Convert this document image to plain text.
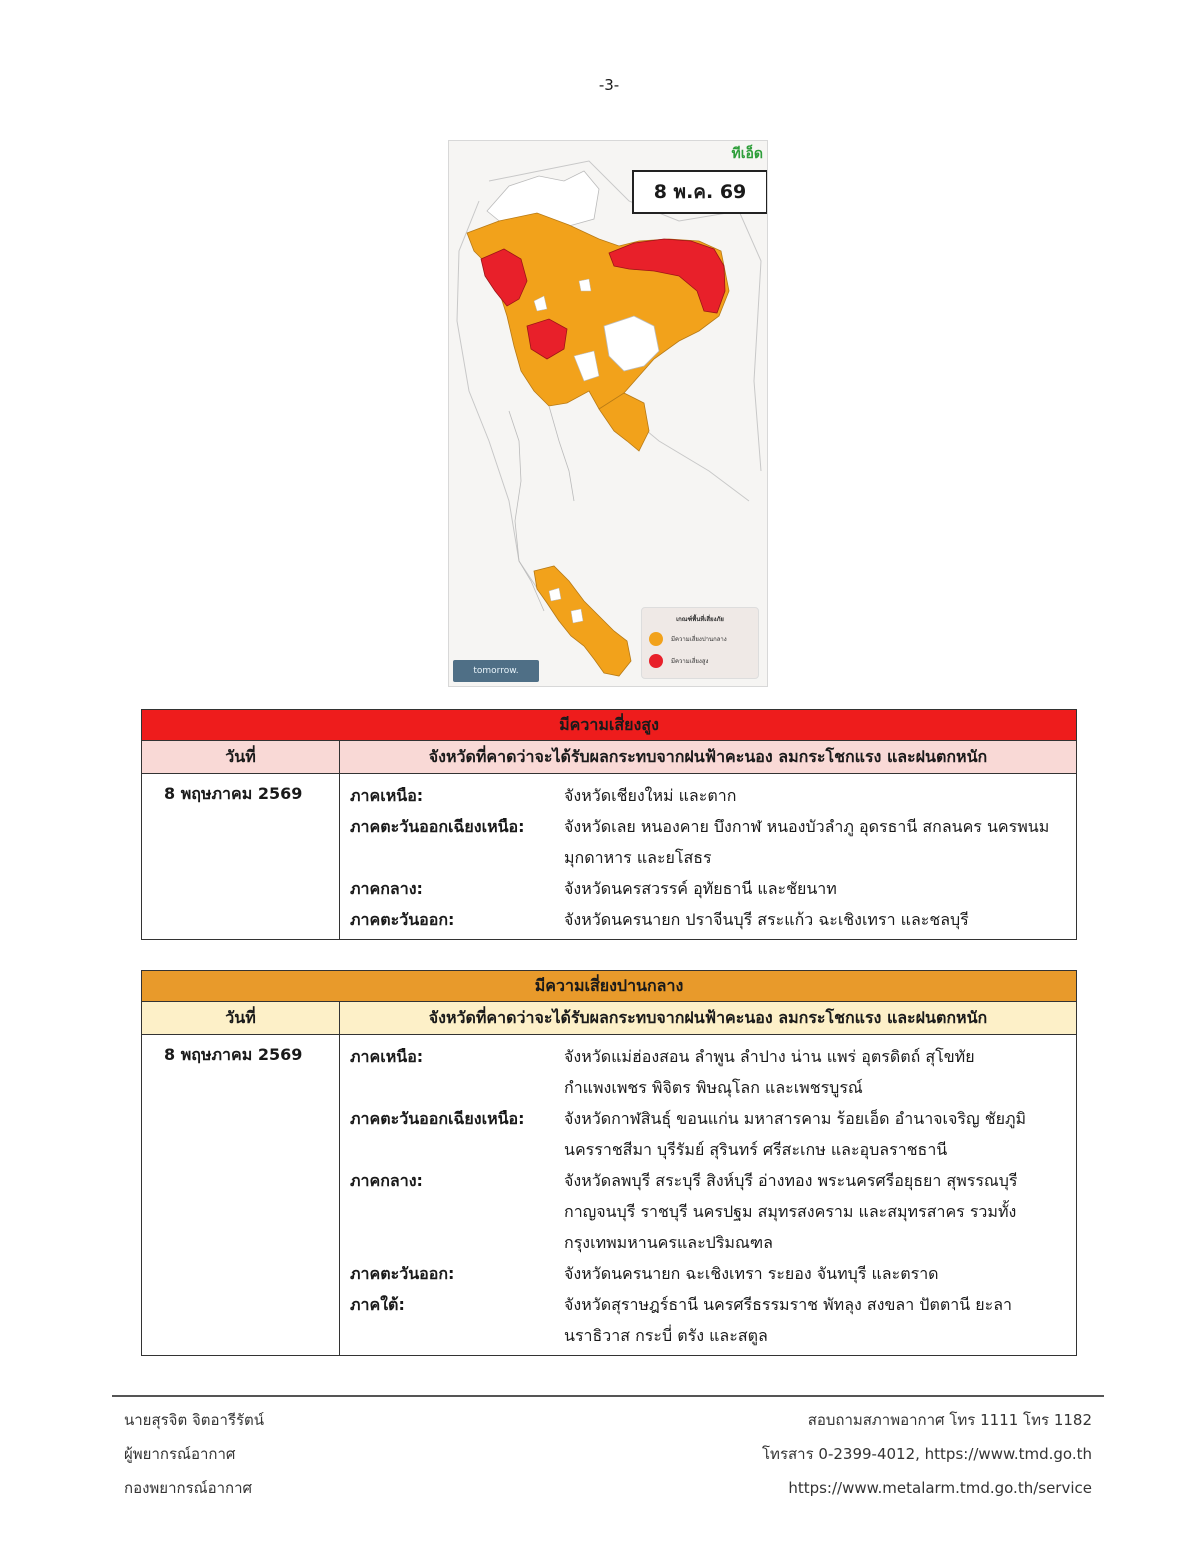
-3-
ทีเอ็ด
8 พ.ค. 69
เกณฑ์พื้นที่เสี่ยงภัย
มีความเสี่ยงปานกลาง
มีความเสี่ยงสูง
tomorrow.
มีความเสี่ยงสูง
วันที่	จังหวัดที่คาดว่าจะได้รับผลกระทบจากฝนฟ้าคะนอง ลมกระโชกแรง และฝนตกหนัก
8 พฤษภาคม 2569	ภาคเหนือ:	จังหวัดเชียงใหม่ และตาก
ภาคตะวันออกเฉียงเหนือ:	จังหวัดเลย หนองคาย บึงกาฬ หนองบัวลำภู อุดรธานี สกลนคร นครพนม มุกดาหาร และยโสธร
ภาคกลาง:	จังหวัดนครสวรรค์ อุทัยธานี และชัยนาท
ภาคตะวันออก:	จังหวัดนครนายก ปราจีนบุรี สระแก้ว ฉะเชิงเทรา และชลบุรี
มีความเสี่ยงปานกลาง
วันที่	จังหวัดที่คาดว่าจะได้รับผลกระทบจากฝนฟ้าคะนอง ลมกระโชกแรง และฝนตกหนัก
8 พฤษภาคม 2569	ภาคเหนือ:	จังหวัดแม่ฮ่องสอน ลำพูน ลำปาง น่าน แพร่ อุตรดิตถ์ สุโขทัย กำแพงเพชร พิจิตร พิษณุโลก และเพชรบูรณ์
ภาคตะวันออกเฉียงเหนือ:	จังหวัดกาฬสินธุ์ ขอนแก่น มหาสารคาม ร้อยเอ็ด อำนาจเจริญ ชัยภูมิ นครราชสีมา บุรีรัมย์ สุรินทร์ ศรีสะเกษ และอุบลราชธานี
ภาคกลาง:	จังหวัดลพบุรี สระบุรี สิงห์บุรี อ่างทอง พระนครศรีอยุธยา สุพรรณบุรี กาญจนบุรี ราชบุรี นครปฐม สมุทรสงคราม และสมุทรสาคร รวมทั้งกรุงเทพมหานครและปริมณฑล
ภาคตะวันออก:	จังหวัดนครนายก ฉะเชิงเทรา ระยอง จันทบุรี และตราด
ภาคใต้:	จังหวัดสุราษฎร์ธานี นครศรีธรรมราช พัทลุง สงขลา ปัตตานี ยะลา นราธิวาส กระบี่ ตรัง และสตูล
นายสุรจิต จิตอารีรัตน์
ผู้พยากรณ์อากาศ
กองพยากรณ์อากาศ
สอบถามสภาพอากาศ โทร 1111 โทร 1182
โทรสาร 0-2399-4012, https://www.tmd.go.th
https://www.metalarm.tmd.go.th/service
